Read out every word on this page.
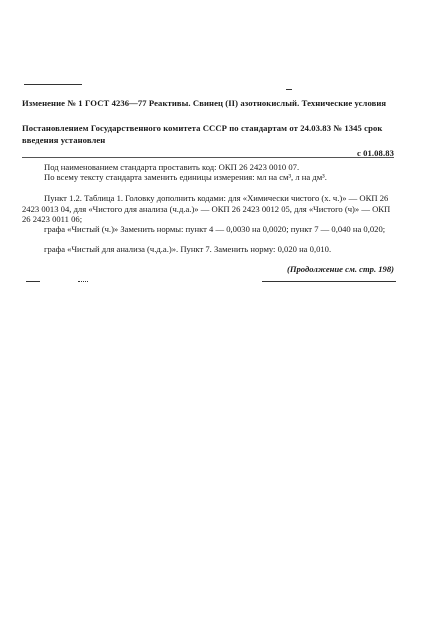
Изменение № 1 ГОСТ 4236—77 Реактивы. Свинец (II) азотнокислый. Технические условия
Постановлением Государственного комитета СССР по стандартам от 24.03.83 № 1345 срок введения установлен
с 01.08.83
Под наименованием стандарта проставить код: ОКП 26 2423 0010 07.
По всему тексту стандарта заменить единицы измерения: мл на см³, л на дм³.
Пункт 1.2. Таблица 1. Головку дополнить кодами: для «Химически чистого (х. ч.)» — ОКП 26 2423 0013 04, для «Чистого для анализа (ч.д.а.)» — ОКП 26 2423 0012 05, для «Чистого (ч)» — ОКП 26 2423 0011 06;
графа «Чистый (ч.)» Заменить нормы: пункт 4 — 0,0030 на 0,0020; пункт 7 — 0,040 на 0,020;
графа «Чистый для анализа (ч.д.а.)». Пункт 7. Заменить норму: 0,020 на 0,010.
(Продолжение см. стр. 198)
